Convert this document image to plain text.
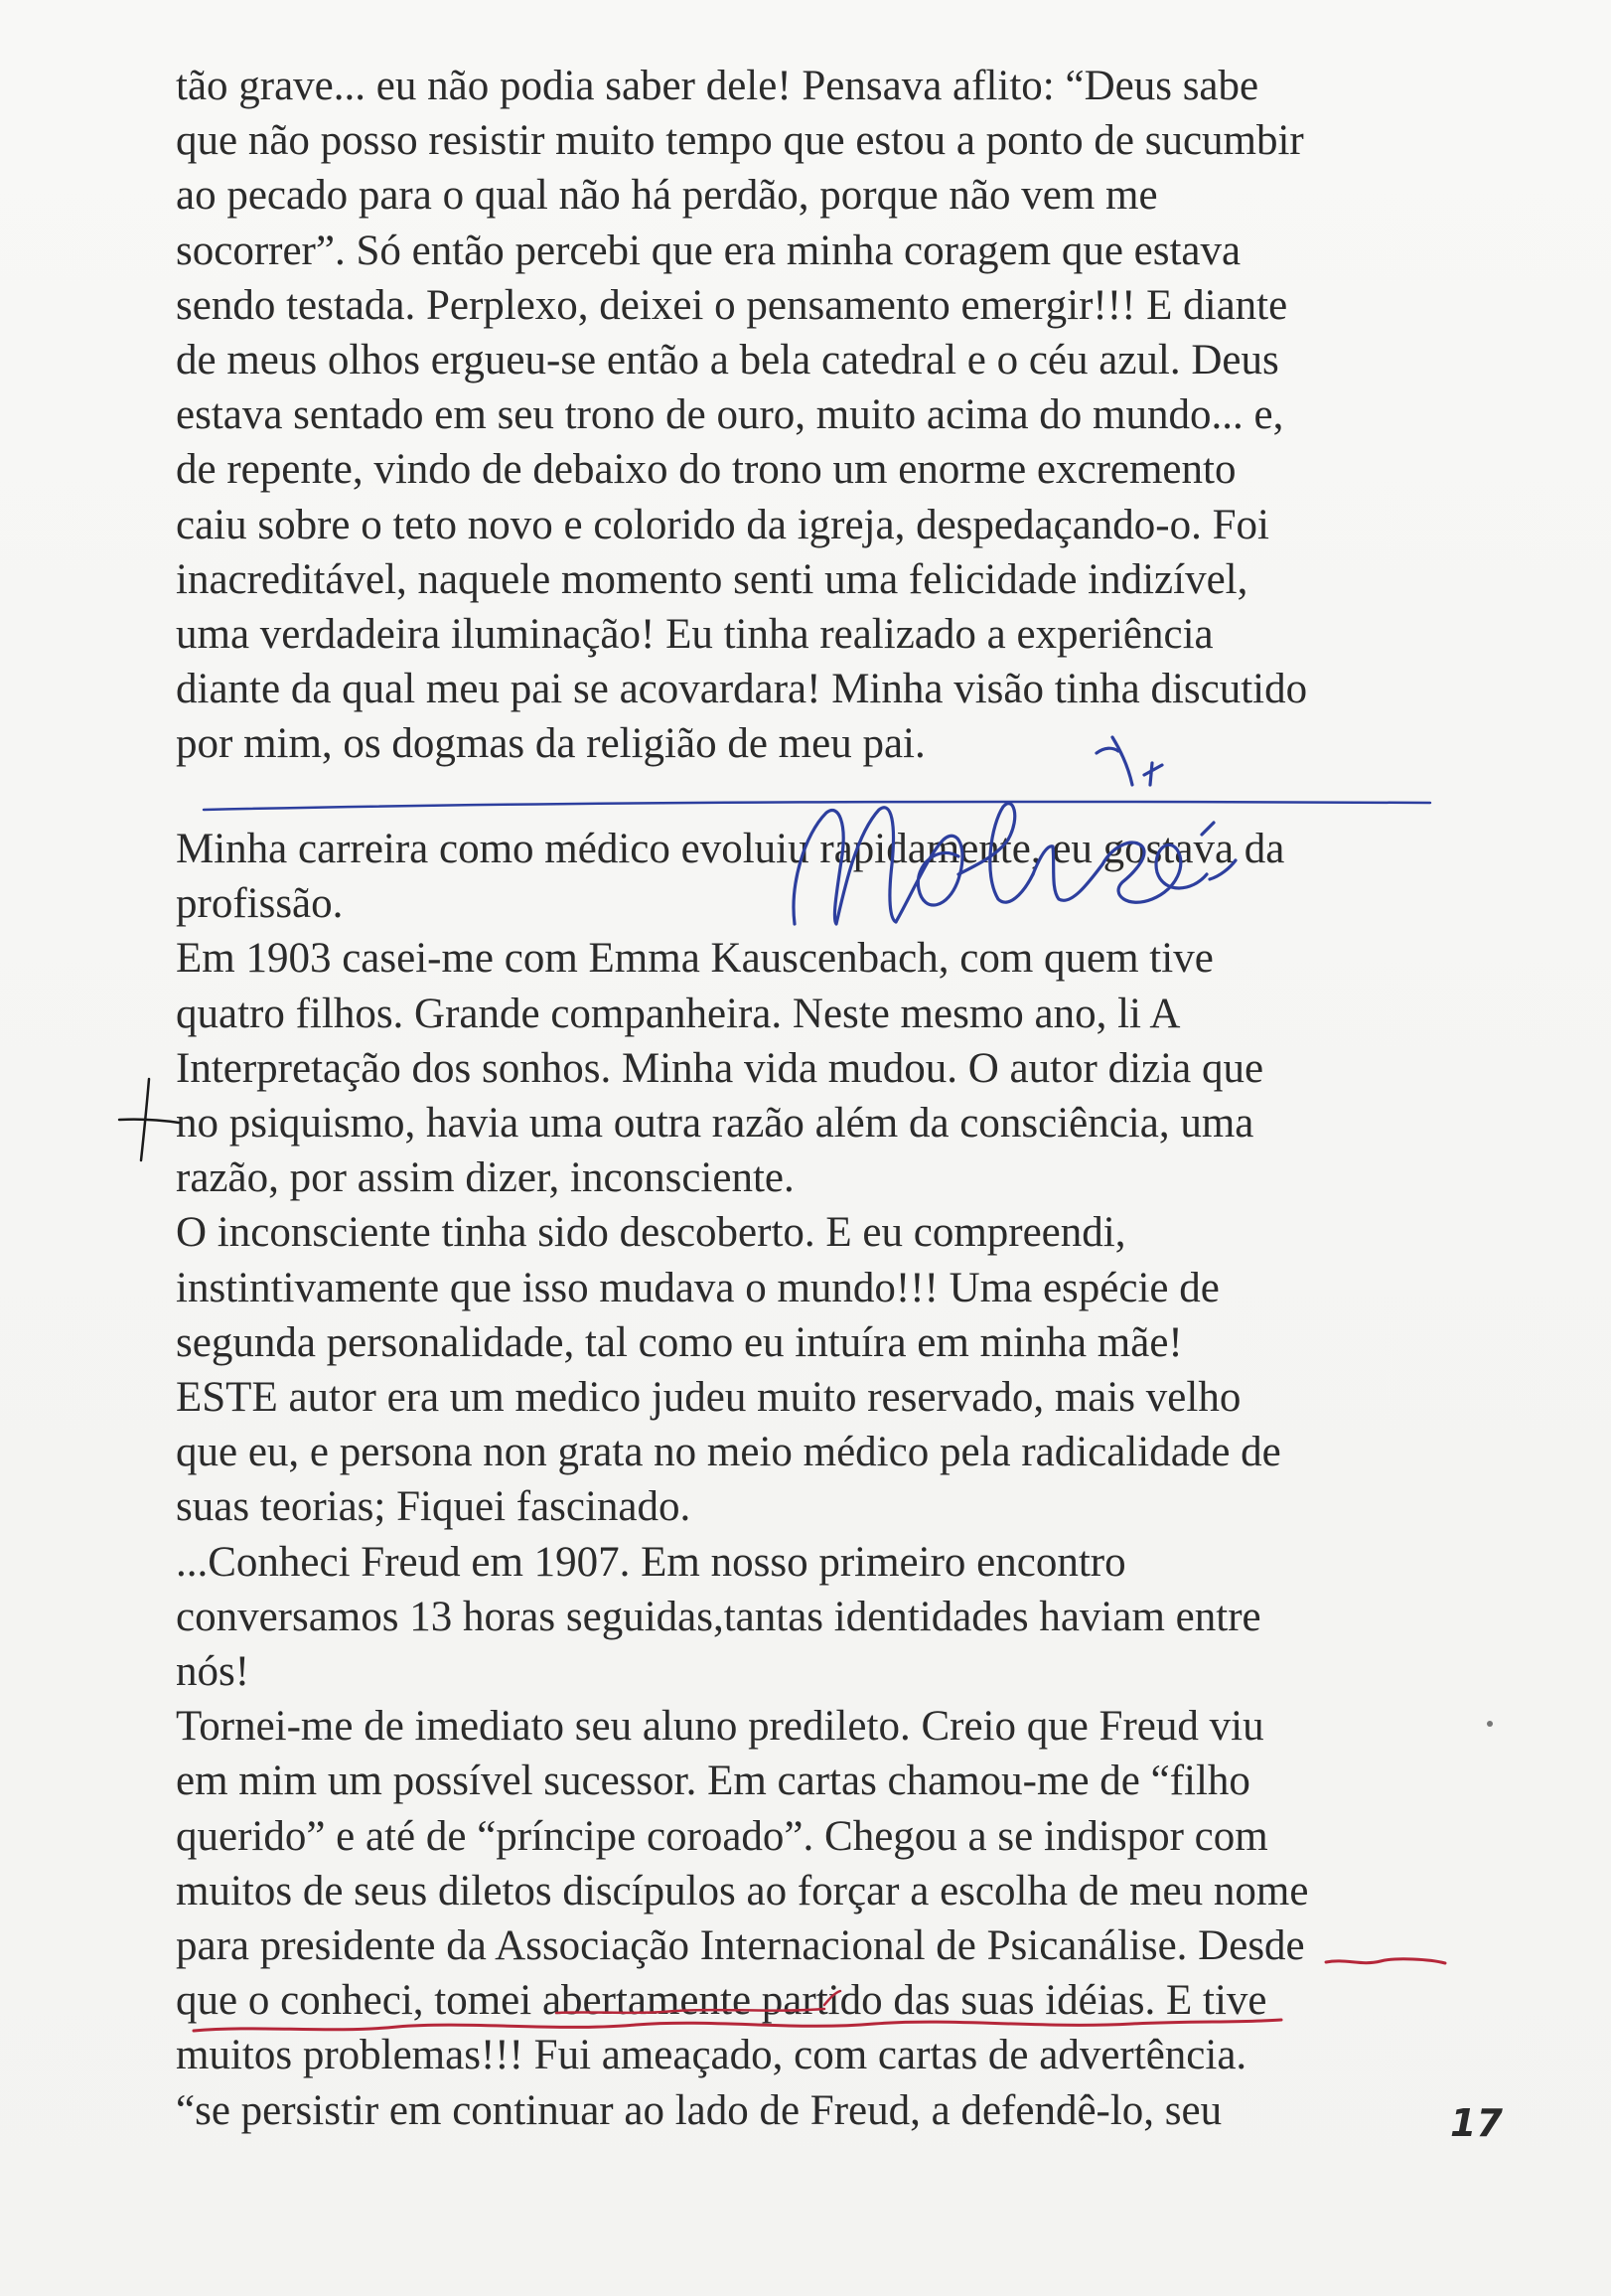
tão grave... eu não podia saber dele! Pensava aflito: “Deus sabe
que não posso resistir muito tempo que estou a ponto de sucumbir
ao pecado para o qual não há perdão, porque não vem me
socorrer”. Só então percebi que era minha coragem que estava
sendo testada. Perplexo, deixei o pensamento emergir!!! E diante
de meus olhos ergueu-se então a bela catedral e o céu azul. Deus
estava sentado em seu trono de ouro, muito acima do mundo... e,
de repente, vindo de debaixo do trono um enorme excremento
caiu sobre o teto novo e colorido da igreja, despedaçando-o. Foi
inacreditável, naquele momento senti uma felicidade indizível,
uma verdadeira iluminação! Eu tinha realizado a experiência
diante da qual meu pai se acovardara! Minha visão tinha discutido
por mim, os dogmas da religião de meu pai.
Minha carreira como médico evoluiu rapidamente, eu gostava da
profissão.
Em 1903 casei-me com Emma Kauscenbach, com quem tive
quatro filhos. Grande companheira. Neste mesmo ano, li A
Interpretação dos sonhos. Minha vida mudou. O autor dizia que
no psiquismo, havia uma outra razão além da consciência, uma
razão, por assim dizer, inconsciente.
O inconsciente tinha sido descoberto. E eu compreendi,
instintivamente que isso mudava o mundo!!! Uma espécie de
segunda personalidade, tal como eu intuíra em minha mãe!
ESTE autor era um medico judeu muito reservado, mais velho
que eu, e persona non grata no meio médico pela radicalidade de
suas teorias; Fiquei fascinado.
...Conheci Freud em 1907. Em nosso primeiro encontro
conversamos 13 horas seguidas,tantas identidades haviam entre
nós!
Tornei-me de imediato seu aluno predileto. Creio que Freud viu
em mim um possível sucessor. Em cartas chamou-me de “filho
querido” e até de “príncipe coroado”. Chegou a se indispor com
muitos de seus diletos discípulos ao forçar a escolha de meu nome
para presidente da Associação Internacional de Psicanálise. Desde
que o conheci, tomei abertamente partido das suas idéias. E tive
muitos problemas!!! Fui ameaçado, com cartas de advertência.
“se persistir em continuar ao lado de Freud, a defendê-lo, seu	17
